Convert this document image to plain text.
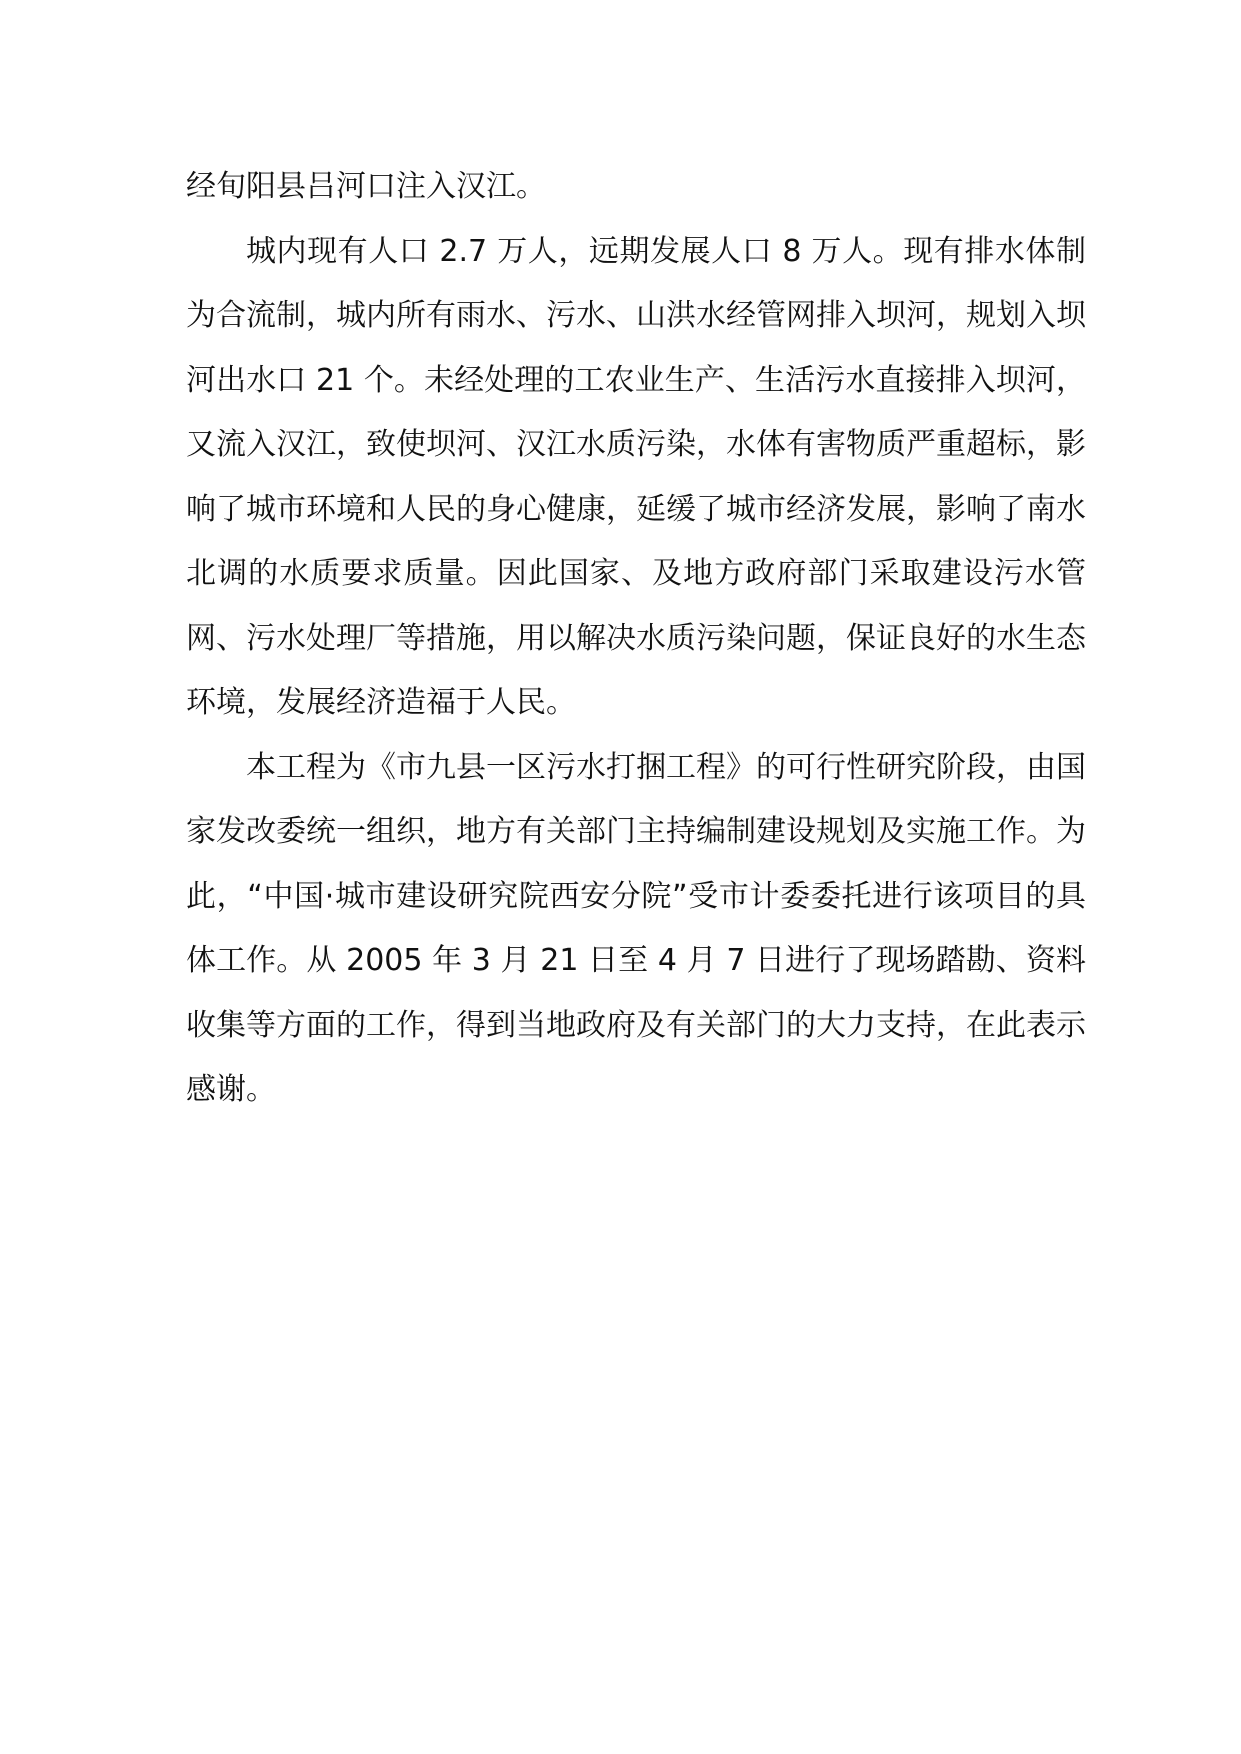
经旬阳县吕河口注入汉江。

城内现有人口 2.7 万人，远期发展人口 8 万人。现有排水体制为合流制，城内所有雨水、污水、山洪水经管网排入坝河，规划入坝河出水口 21 个。未经处理的工农业生产、生活污水直接排入坝河，又流入汉江，致使坝河、汉江水质污染，水体有害物质严重超标，影响了城市环境和人民的身心健康，延缓了城市经济发展，影响了南水北调的水质要求质量。因此国家、及地方政府部门采取建设污水管网、污水处理厂等措施，用以解决水质污染问题，保证良好的水生态环境，发展经济造福于人民。

本工程为《市九县一区污水打捆工程》的可行性研究阶段，由国家发改委统一组织，地方有关部门主持编制建设规划及实施工作。为此，“中国·城市建设研究院西安分院”受市计委委托进行该项目的具体工作。从 2005 年 3 月 21 日至 4 月 7 日进行了现场踏勘、资料收集等方面的工作，得到当地政府及有关部门的大力支持，在此表示感谢。
